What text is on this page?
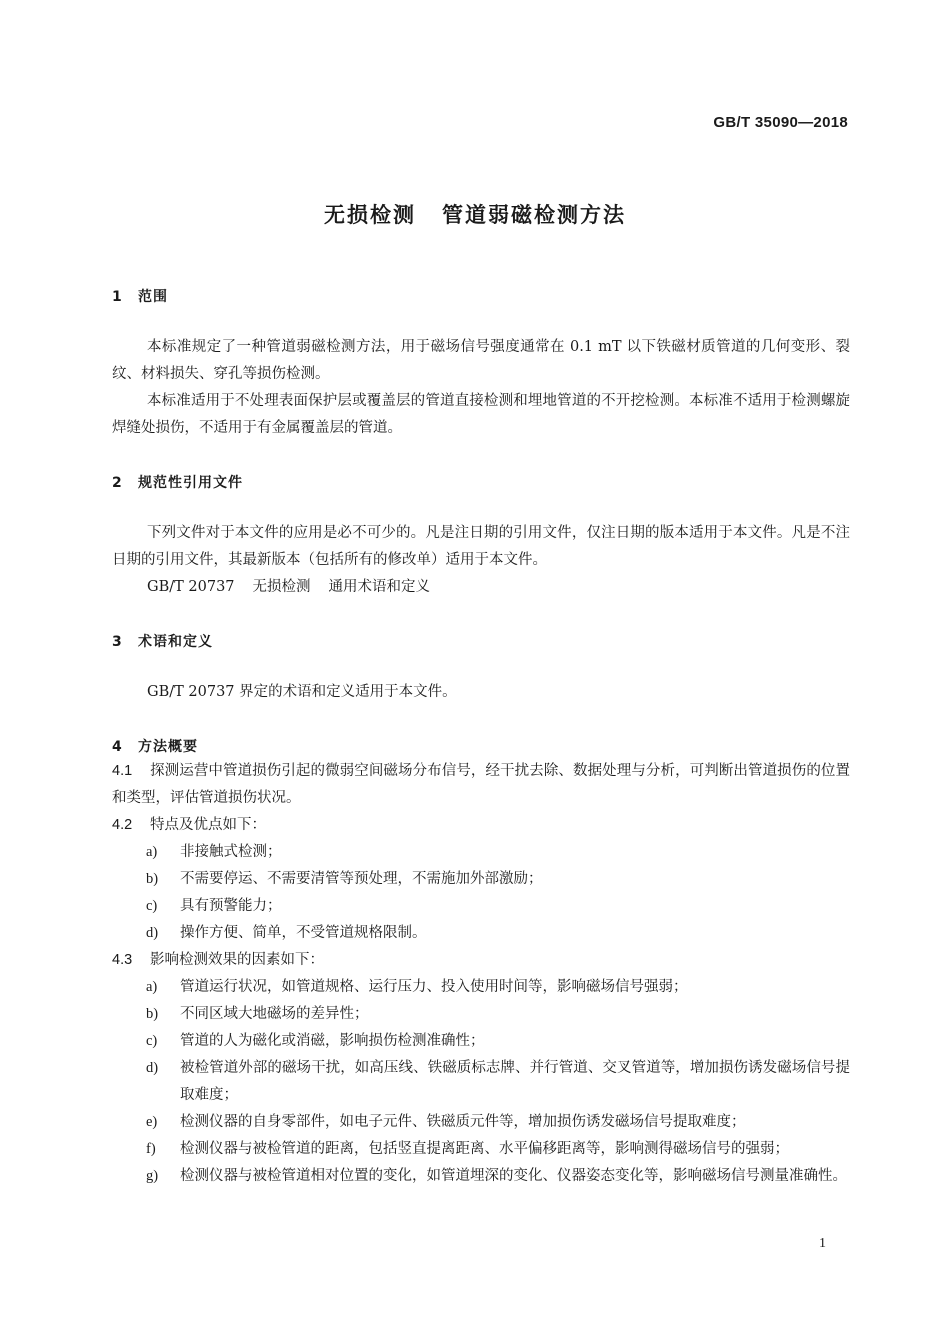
GB/T 35090—2018
无损检测 管道弱磁检测方法
1 范围

本标准规定了一种管道弱磁检测方法，用于磁场信号强度通常在 0.1 mT 以下铁磁材质管道的几何变形、裂纹、材料损失、穿孔等损伤检测。

本标准适用于不处理表面保护层或覆盖层的管道直接检测和埋地管道的不开挖检测。本标准不适用于检测螺旋焊缝处损伤，不适用于有金属覆盖层的管道。

2 规范性引用文件

下列文件对于本文件的应用是必不可少的。凡是注日期的引用文件，仅注日期的版本适用于本文件。凡是不注日期的引用文件，其最新版本（包括所有的修改单）适用于本文件。

GB/T 20737 无损检测 通用术语和定义

3 术语和定义

GB/T 20737 界定的术语和定义适用于本文件。

4 方法概要

4.1 探测运营中管道损伤引起的微弱空间磁场分布信号，经干扰去除、数据处理与分析，可判断出管道损伤的位置和类型，评估管道损伤状况。

4.2 特点及优点如下：

a) 非接触式检测；
b) 不需要停运、不需要清管等预处理，不需施加外部激励；
c) 具有预警能力；
d) 操作方便、简单，不受管道规格限制。

4.3 影响检测效果的因素如下：

a) 管道运行状况，如管道规格、运行压力、投入使用时间等，影响磁场信号强弱；
b) 不同区域大地磁场的差异性；
c) 管道的人为磁化或消磁，影响损伤检测准确性；
d) 被检管道外部的磁场干扰，如高压线、铁磁质标志牌、并行管道、交叉管道等，增加损伤诱发磁场信号提取难度；
e) 检测仪器的自身零部件，如电子元件、铁磁质元件等，增加损伤诱发磁场信号提取难度；
f) 检测仪器与被检管道的距离，包括竖直提离距离、水平偏移距离等，影响测得磁场信号的强弱；
g) 检测仪器与被检管道相对位置的变化，如管道埋深的变化、仪器姿态变化等，影响磁场信号测量准确性。
1
